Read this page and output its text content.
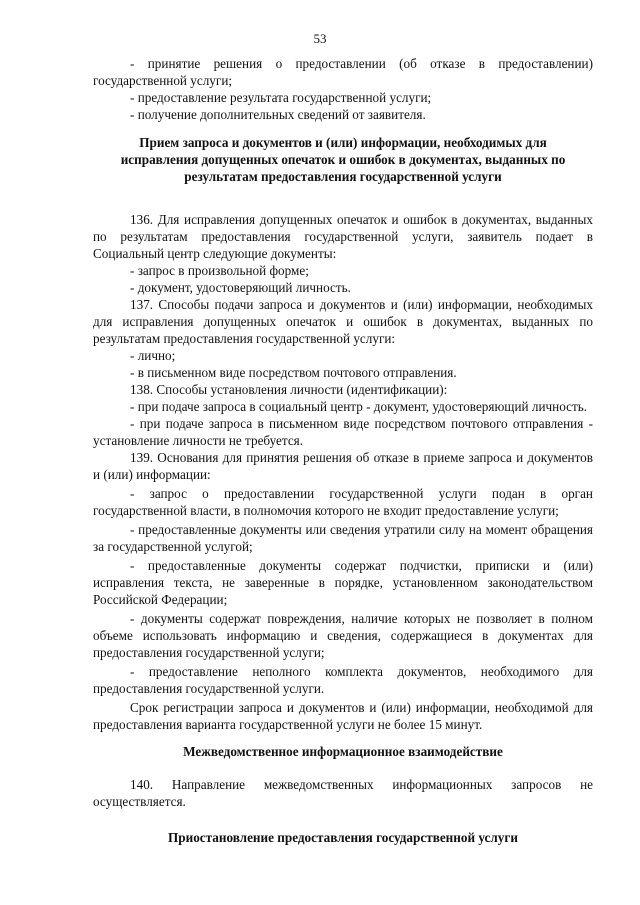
53

- принятие решения о предоставлении (об отказе в предоставлении) государственной услуги;

- предоставление результата государственной услуги;

- получение дополнительных сведений от заявителя.

Прием запроса и документов и (или) информации, необходимых для исправления допущенных опечаток и ошибок в документах, выданных по результатам предоставления государственной услуги

136. Для исправления допущенных опечаток и ошибок в документах, выданных по результатам предоставления государственной услуги, заявитель подает в Социальный центр следующие документы:

- запрос в произвольной форме;

- документ, удостоверяющий личность.

137. Способы подачи запроса и документов и (или) информации, необходимых для исправления допущенных опечаток и ошибок в документах, выданных по результатам предоставления государственной услуги:

- лично;

- в письменном виде посредством почтового отправления.

138. Способы установления личности (идентификации):

- при подаче запроса в социальный центр - документ, удостоверяющий личность.

- при подаче запроса в письменном виде посредством почтового отправления - установление личности не требуется.

139. Основания для принятия решения об отказе в приеме запроса и документов и (или) информации:

- запрос о предоставлении государственной услуги подан в орган государственной власти, в полномочия которого не входит предоставление услуги;

- предоставленные документы или сведения утратили силу на момент обращения за государственной услугой;

- предоставленные документы содержат подчистки, приписки и (или) исправления текста, не заверенные в порядке, установленном законодательством Российской Федерации;

- документы содержат повреждения, наличие которых не позволяет в полном объеме использовать информацию и сведения, содержащиеся в документах для предоставления государственной услуги;

- предоставление неполного комплекта документов, необходимого для предоставления государственной услуги.

Срок регистрации запроса и документов и (или) информации, необходимой для предоставления варианта государственной услуги не более 15 минут.

Межведомственное информационное взаимодействие

140. Направление межведомственных информационных запросов не осуществляется.

Приостановление предоставления государственной услуги
